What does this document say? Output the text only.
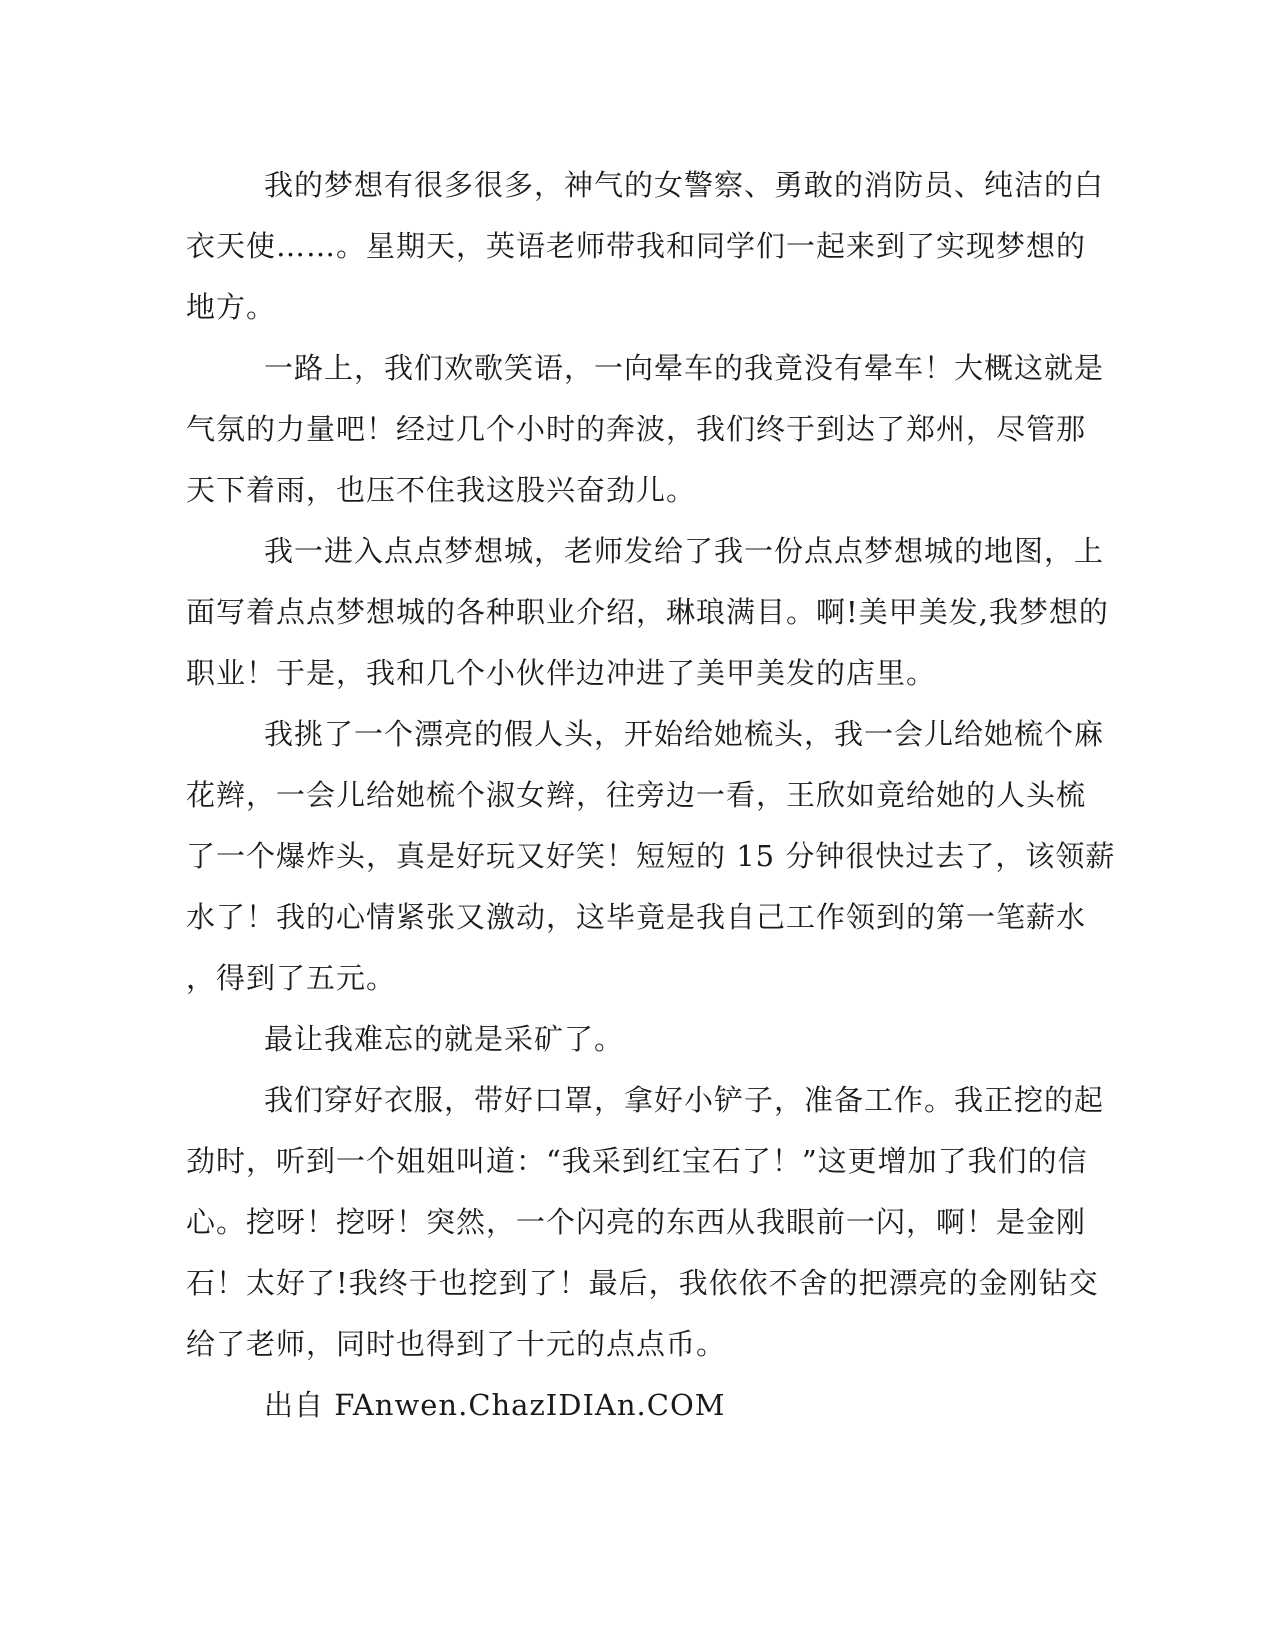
我的梦想有很多很多，神气的女警察、勇敢的消防员、纯洁的白
衣天使……。星期天，英语老师带我和同学们一起来到了实现梦想的
地方。
一路上，我们欢歌笑语，一向晕车的我竟没有晕车！大概这就是
气氛的力量吧！经过几个小时的奔波，我们终于到达了郑州，尽管那
天下着雨，也压不住我这股兴奋劲儿。
我一进入点点梦想城，老师发给了我一份点点梦想城的地图，上
面写着点点梦想城的各种职业介绍，琳琅满目。啊!美甲美发,我梦想的
职业！于是，我和几个小伙伴边冲进了美甲美发的店里。
我挑了一个漂亮的假人头，开始给她梳头，我一会儿给她梳个麻
花辫，一会儿给她梳个淑女辫，往旁边一看，王欣如竟给她的人头梳
了一个爆炸头，真是好玩又好笑！短短的 15 分钟很快过去了，该领薪
水了！我的心情紧张又激动，这毕竟是我自己工作领到的第一笔薪水
，得到了五元。
最让我难忘的就是采矿了。
我们穿好衣服，带好口罩，拿好小铲子，准备工作。我正挖的起
劲时，听到一个姐姐叫道：“我采到红宝石了！”这更增加了我们的信
心。挖呀！挖呀！突然，一个闪亮的东西从我眼前一闪，啊！是金刚
石！太好了!我终于也挖到了！最后，我依依不舍的把漂亮的金刚钻交
给了老师，同时也得到了十元的点点币。
出自 FAnwen.ChazIDIAn.COM
